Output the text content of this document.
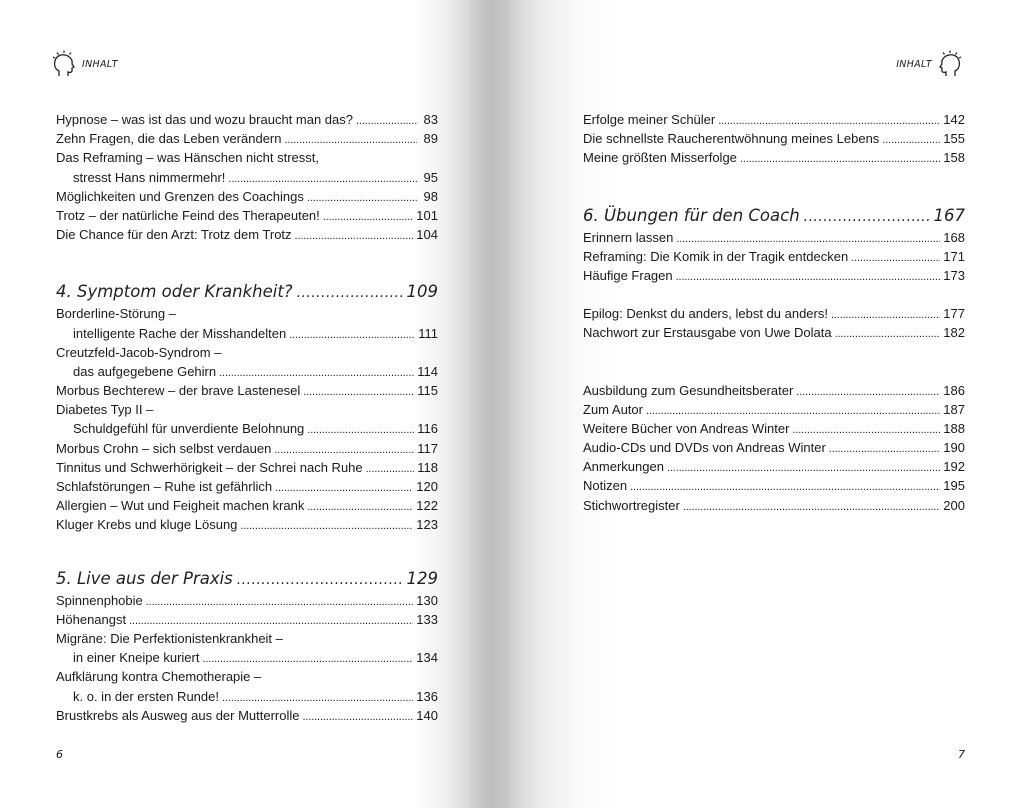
INHALT
Hypnose – was ist das und wozu braucht man das? . . .	83
Zehn Fragen, die das Leben verändern . . .	89
Das Reframing – was Hänschen nicht stresst,
stresst Hans nimmermehr! . . .	95
Möglichkeiten und Grenzen des Coachings . . .	98
Trotz – der natürliche Feind des Therapeuten! . . .	101
Die Chance für den Arzt: Trotz dem Trotz . . .	104
4. Symptom oder Krankheit? . . .	109
Borderline-Störung –
intelligente Rache der Misshandelten . . .	111
Creutzfeld-Jacob-Syndrom –
das aufgegebene Gehirn . . .	114
Morbus Bechterew – der brave Lastenesel . . .	115
Diabetes Typ II –
Schuldgefühl für unverdiente Belohnung . . .	116
Morbus Crohn – sich selbst verdauen . . .	117
Tinnitus und Schwerhörigkeit – der Schrei nach Ruhe . . .	118
Schlafstörungen – Ruhe ist gefährlich . . .	120
Allergien – Wut und Feigheit machen krank . . .	122
Kluger Krebs und kluge Lösung . . .	123
5. Live aus der Praxis . . .	129
Spinnenphobie . . .	130
Höhenangst . . .	133
Migräne: Die Perfektionistenkrankheit –
in einer Kneipe kuriert . . .	134
Aufklärung kontra Chemotherapie –
k. o. in der ersten Runde! . . .	136
Brustkrebs als Ausweg aus der Mutterrolle . . .	140
6
INHALT
Erfolge meiner Schüler . . .	142
Die schnellste Raucherentwöhnung meines Lebens . . .	155
Meine größten Misserfolge . . .	158
6. Übungen für den Coach . . .	167
Erinnern lassen . . .	168
Reframing: Die Komik in der Tragik entdecken . . .	171
Häufige Fragen . . .	173
Epilog: Denkst du anders, lebst du anders! . . .	177
Nachwort zur Erstausgabe von Uwe Dolata . . .	182
Ausbildung zum Gesundheitsberater . . .	186
Zum Autor . . .	187
Weitere Bücher von Andreas Winter . . .	188
Audio-CDs und DVDs von Andreas Winter . . .	190
Anmerkungen . . .	192
Notizen . . .	195
Stichwortregister . . .	200
7
